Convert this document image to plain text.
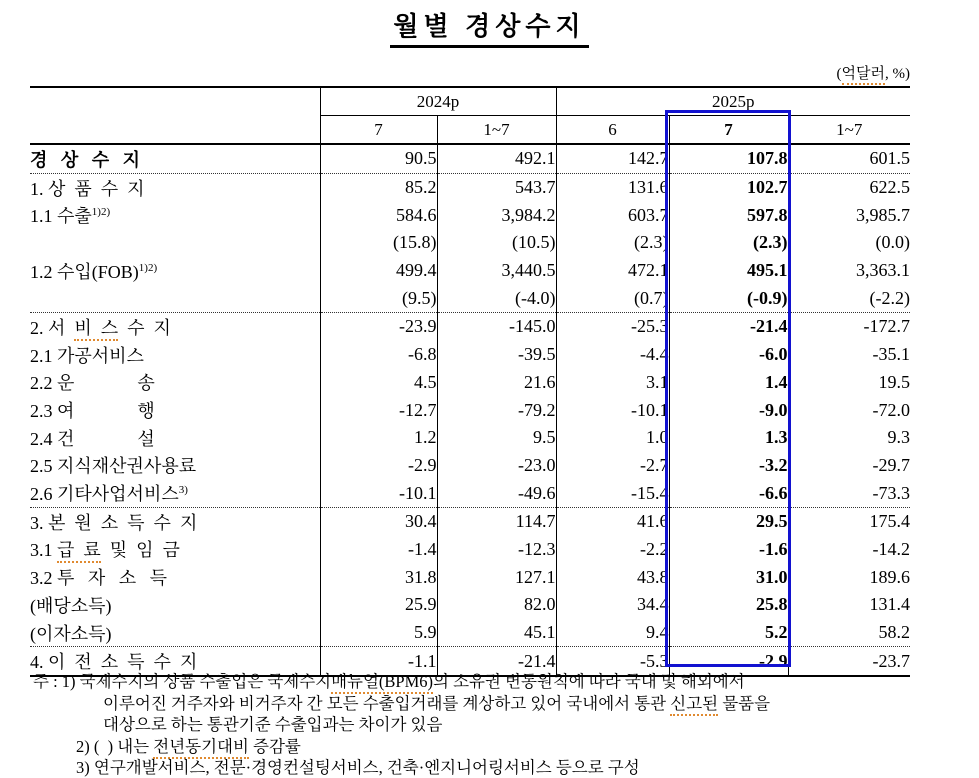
월별 경상수지
(억달러, %)
	2024p		2025p		
	7	1~7	6	7	1~7
경   상   수   지	90.5	492.1	142.7	107.8	601.5
1. 상  품  수  지	85.2	543.7	131.6	102.7	622.5
1.1 수출$^{1)2)}$	584.6	3,984.2	603.7	597.8	3,985.7
	(15.8)	(10.5)	(2.3)	(2.3)	(0.0)
1.2 수입(FOB)$^{1)2)}$	499.4	3,440.5	472.1	495.1	3,363.1
	(9.5)	(-4.0)	(0.7)	(-0.9)	(-2.2)
2. 서  비  스  수  지	-23.9	-145.0	-25.3	-21.4	-172.7
2.1 가공서비스	-6.8	-39.5	-4.4	-6.0	-35.1
2.2 운              송	4.5	21.6	3.1	1.4	19.5
2.3 여              행	-12.7	-79.2	-10.1	-9.0	-72.0
2.4 건              설	1.2	9.5	1.0	1.3	9.3
2.5 지식재산권사용료	-2.9	-23.0	-2.7	-3.2	-29.7
2.6 기타사업서비스$^{3)}$	-10.1	-49.6	-15.4	-6.6	-73.3
3. 본  원  소  득  수  지	30.4	114.7	41.6	29.5	175.4
3.1 급  료  및  임  금	-1.4	-12.3	-2.2	-1.6	-14.2
3.2 투   자   소   득	31.8	127.1	43.8	31.0	189.6
(배당소득)	25.9	82.0	34.4	25.8	131.4
(이자소득)	5.9	45.1	9.4	5.2	58.2
4. 이  전  소  득  수  지	-1.1	-21.4	-5.3	-2.9	-23.7
주 : 1) 국제수지의 상품 수출입은 국제수지매뉴얼(BPM6)의 소유권 변동원칙에 따라 국내 및 해외에서
이루어진 거주자와 비거주자 간 모든 수출입거래를 계상하고 있어 국내에서 통관 신고된 물품을
대상으로 하는 통관기준 수출입과는 차이가 있음
2) (  ) 내는 전년동기대비 증감률
3) 연구개발서비스, 전문·경영컨설팅서비스, 건축·엔지니어링서비스 등으로 구성
